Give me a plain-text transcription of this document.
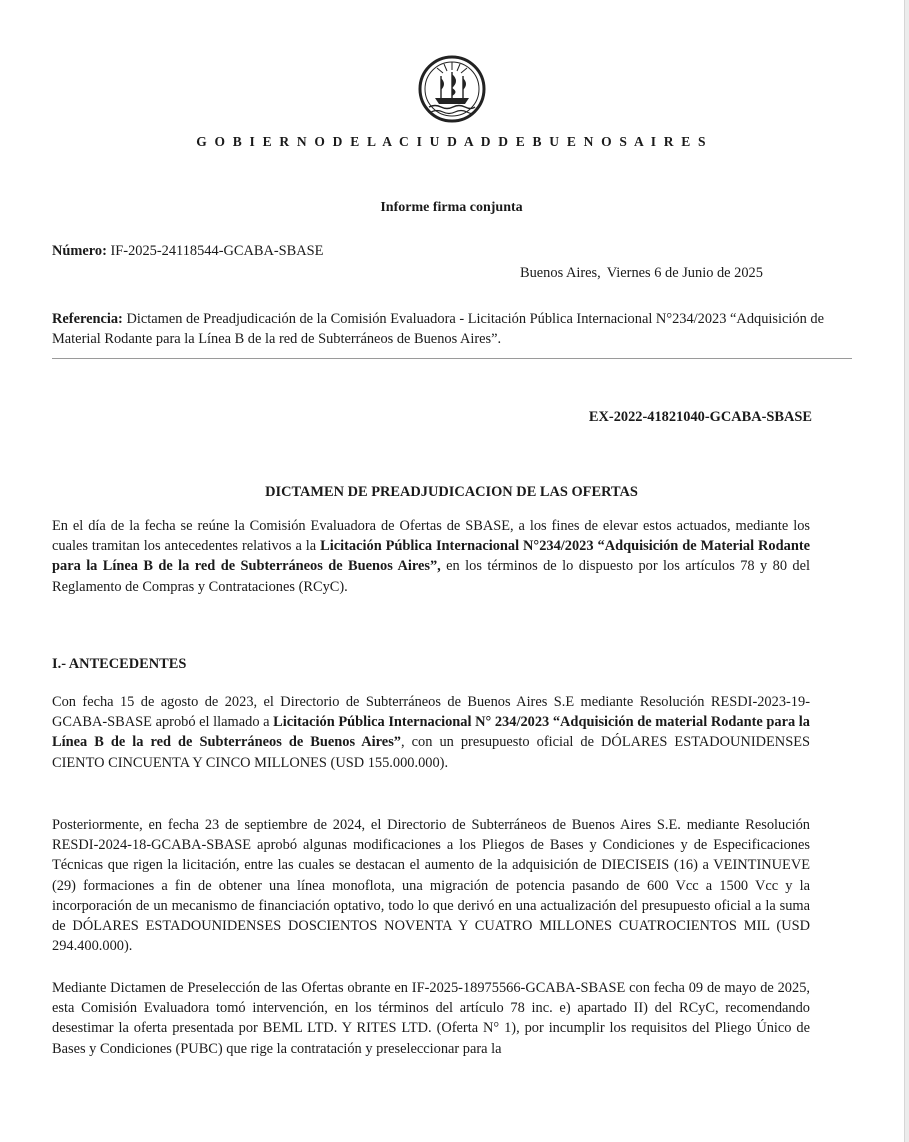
G O B I E R N O D E L A C I U D A D D E B U E N O S A I R E S
Informe firma conjunta
Número: IF-2025-24118544-GCABA-SBASE
Buenos Aires, Viernes 6 de Junio de 2025
Referencia: Dictamen de Preadjudicación de la Comisión Evaluadora - Licitación Pública Internacional N°234/2023 “Adquisición de Material Rodante para la Línea B de la red de Subterráneos de Buenos Aires”.
EX-2022-41821040-GCABA-SBASE
DICTAMEN DE PREADJUDICACION DE LAS OFERTAS
En el día de la fecha se reúne la Comisión Evaluadora de Ofertas de SBASE, a los fines de elevar estos actuados, mediante los cuales tramitan los antecedentes relativos a la Licitación Pública Internacional N°234/2023 “Adquisición de Material Rodante para la Línea B de la red de Subterráneos de Buenos Aires”, en los términos de lo dispuesto por los artículos 78 y 80 del Reglamento de Compras y Contrataciones (RCyC).
I.- ANTECEDENTES
Con fecha 15 de agosto de 2023, el Directorio de Subterráneos de Buenos Aires S.E mediante Resolución RESDI-2023-19-GCABA-SBASE aprobó el llamado a Licitación Pública Internacional N° 234/2023 “Adquisición de material Rodante para la Línea B de la red de Subterráneos de Buenos Aires”, con un presupuesto oficial de DÓLARES ESTADOUNIDENSES CIENTO CINCUENTA Y CINCO MILLONES (USD 155.000.000).
Posteriormente, en fecha 23 de septiembre de 2024, el Directorio de Subterráneos de Buenos Aires S.E. mediante Resolución RESDI-2024-18-GCABA-SBASE aprobó algunas modificaciones a los Pliegos de Bases y Condiciones y de Especificaciones Técnicas que rigen la licitación, entre las cuales se destacan el aumento de la adquisición de DIECISEIS (16) a VEINTINUEVE (29) formaciones a fin de obtener una línea monoflota, una migración de potencia pasando de 600 Vcc a 1500 Vcc y la incorporación de un mecanismo de financiación optativo, todo lo que derivó en una actualización del presupuesto oficial a la suma de DÓLARES ESTADOUNIDENSES DOSCIENTOS NOVENTA Y CUATRO MILLONES CUATROCIENTOS MIL (USD 294.400.000).
Mediante Dictamen de Preselección de las Ofertas obrante en IF-2025-18975566-GCABA-SBASE con fecha 09 de mayo de 2025, esta Comisión Evaluadora tomó intervención, en los términos del artículo 78 inc. e) apartado II) del RCyC, recomendando desestimar la oferta presentada por BEML LTD. Y RITES LTD. (Oferta N° 1), por incumplir los requisitos del Pliego Único de Bases y Condiciones (PUBC) que rige la contratación y preseleccionar para la
